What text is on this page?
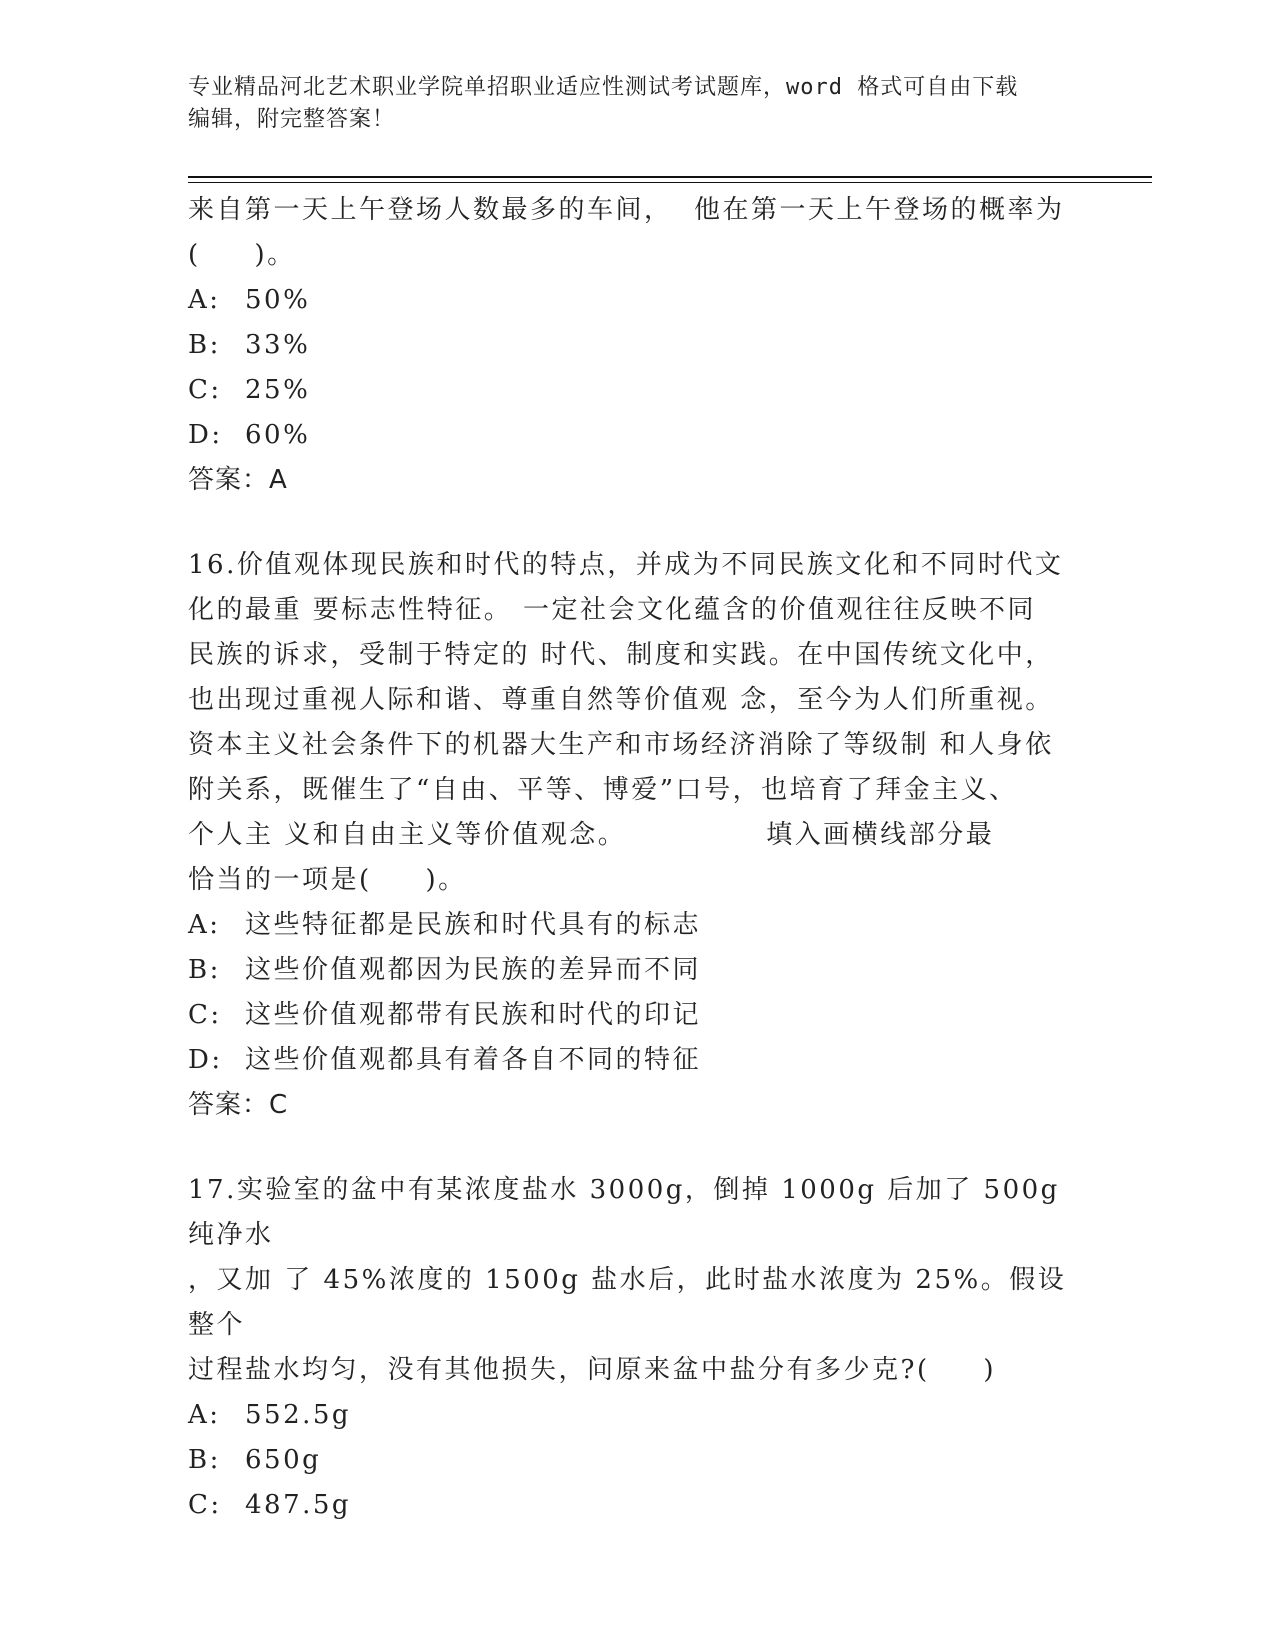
专业精品河北艺术职业学院单招职业适应性测试考试题库，word 格式可自由下载
编辑，附完整答案！

来自第一天上午登场人数最多的车间，  他在第一天上午登场的概率为

(     )。

A: 50%
B: 33%
C: 25%
D: 60%

答案：A

16.价值观体现民族和时代的特点，并成为不同民族文化和不同时代文

化的最重 要标志性特征。 一定社会文化蕴含的价值观往往反映不同

民族的诉求，受制于特定的 时代、制度和实践。在中国传统文化中，

也出现过重视人际和谐、尊重自然等价值观 念，至今为人们所重视。

资本主义社会条件下的机器大生产和市场经济消除了等级制 和人身依

附关系，既催生了“自由、平等、博爱”口号，也培育了拜金主义、

个人主 义和自由主义等价值观念。             填入画横线部分最

恰当的一项是(     )。

A: 这些特征都是民族和时代具有的标志
B: 这些价值观都因为民族的差异而不同
C: 这些价值观都带有民族和时代的印记
D: 这些价值观都具有着各自不同的特征

答案：C

17.实验室的盆中有某浓度盐水 3000g，倒掉 1000g 后加了 500g 纯净水

，又加 了 45%浓度的 1500g 盐水后，此时盐水浓度为 25%。假设整个

过程盐水均匀，没有其他损失，问原来盆中盐分有多少克?(     )

A: 552.5g
B: 650g
C: 487.5g
